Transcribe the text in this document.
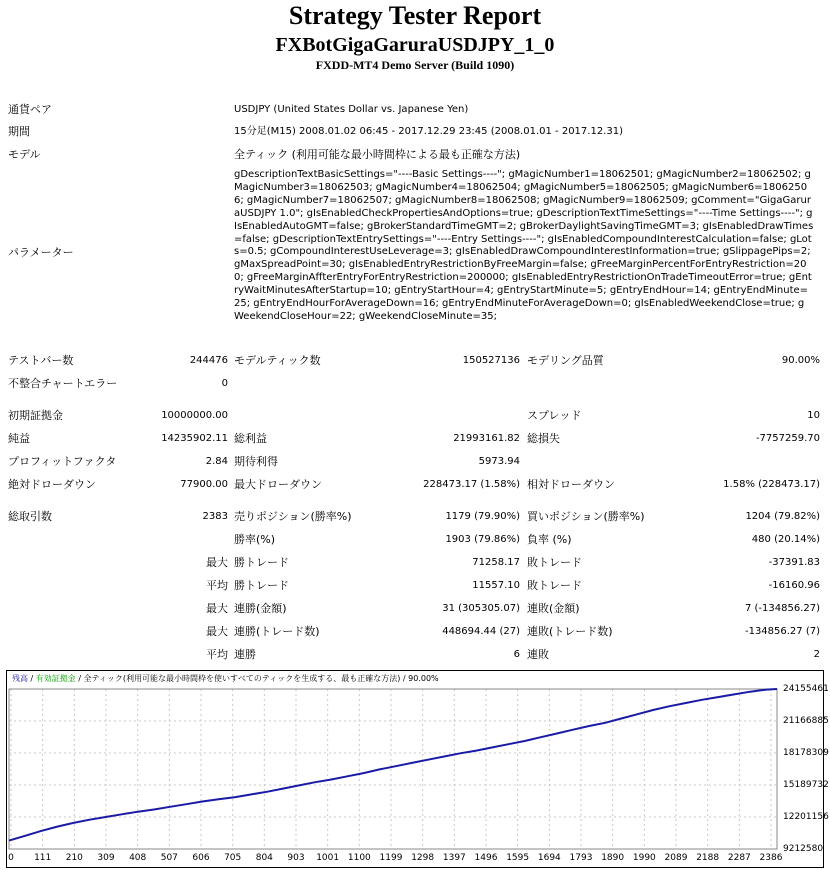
Strategy Tester Report
FXBotGigaGaruraUSDJPY_1_0
FXDD-MT4 Demo Server (Build 1090)
通貨ペア	USDJPY (United States Dollar vs. Japanese Yen)
期間	15分足(M15) 2008.01.02 06:45 - 2017.12.29 23:45 (2008.01.01 - 2017.12.31)
モデル	全ティック (利用可能な最小時間枠による最も正確な方法)
パラメーター
gDescriptionTextBasicSettings="----Basic Settings----"; gMagicNumber1=18062501; gMagicNumber2=18062502; gMagicNumber3=18062503; gMagicNumber4=18062504; gMagicNumber5=18062505; gMagicNumber6=18062506; gMagicNumber7=18062507; gMagicNumber8=18062508; gMagicNumber9=18062509; gComment="GigaGaruraUSDJPY 1.0"; gIsEnabledCheckPropertiesAndOptions=true; gDescriptionTextTimeSettings="----Time Settings----"; gIsEnabledAutoGMT=false; gBrokerStandardTimeGMT=2; gBrokerDaylightSavingTimeGMT=3; gIsEnabledDrawTimes=false; gDescriptionTextEntrySettings="----Entry Settings----"; gIsEnabledCompoundInterestCalculation=false; gLots=0.5; gCompoundInterestUseLeverage=3; gIsEnabledDrawCompoundInterestInformation=true; gSlippagePips=2; gMaxSpreadPoint=30; gIsEnabledEntryRestrictionByFreeMargin=false; gFreeMarginPercentForEntryRestriction=200; gFreeMarginAffterEntryForEntryRestriction=200000; gIsEnabledEntryRestrictionOnTradeTimeoutError=true; gEntryWaitMinutesAfterStartup=10; gEntryStartHour=4; gEntryStartMinute=5; gEntryEndHour=14; gEntryEndMinute=25; gEntryEndHourForAverageDown=16; gEntryEndMinuteForAverageDown=0; gIsEnabledWeekendClose=true; gWeekendCloseHour=22; gWeekendCloseMinute=35;
テストバー数	244476 モデルティック数	150527136 モデリング品質	90.00%
不整合チャートエラー	0
初期証拠金	10000000.00	スプレッド	10
純益	14235902.11 総利益	21993161.82 総損失	-7757259.70
プロフィットファクタ	2.84 期待利得	5973.94
絶対ドローダウン	77900.00 最大ドローダウン	228473.17 (1.58%) 相対ドローダウン	1.58% (228473.17)
総取引数	2383 売りポジション(勝率%)	1179 (79.90%) 買いポジション(勝率%)	1204 (79.82%)
勝率(%)	1903 (79.86%) 負率 (%)	480 (20.14%)
最大 勝トレード	71258.17 敗トレード	-37391.83
平均 勝トレード	11557.10 敗トレード	-16160.96
最大 連勝(金額)	31 (305305.07) 連敗(金額)	7 (-134856.27)
最大 連勝(トレード数)	448694.44 (27) 連敗(トレード数)	-134856.27 (7)
平均 連勝	6 連敗	2
残高 / 有効証拠金 / 全ティック(利用可能な最小時間枠を使いすべてのティックを生成する、最も正確な方法) / 90.00%
24155461
21166885
18178309
15189732
12201156
9212580
0 111 210 309 408 507 606 705 804 903 1001 1100 1199 1298 1397 1496 1595 1694 1793 1890 1990 2089 2188 2287 2386
